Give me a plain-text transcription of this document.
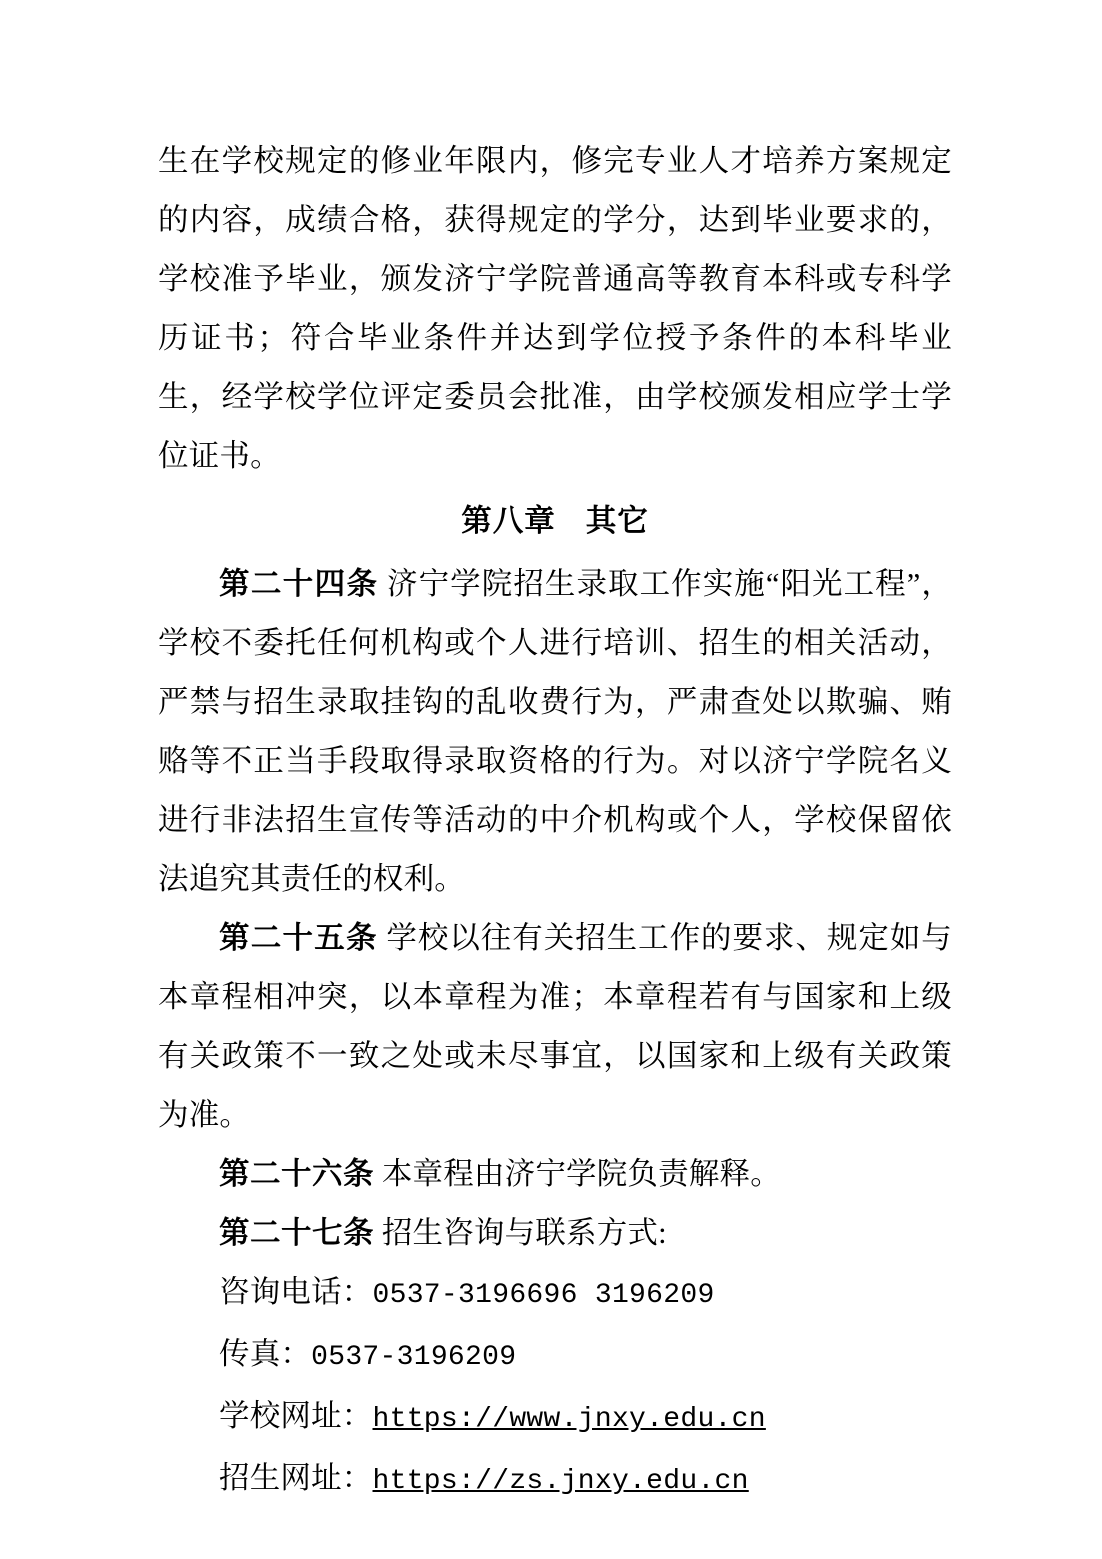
生在学校规定的修业年限内，修完专业人才培养方案规定的内容，成绩合格，获得规定的学分，达到毕业要求的，学校准予毕业，颁发济宁学院普通高等教育本科或专科学历证书；符合毕业条件并达到学位授予条件的本科毕业生，经学校学位评定委员会批准，由学校颁发相应学士学位证书。

第八章 其它

第二十四条 济宁学院招生录取工作实施“阳光工程”，学校不委托任何机构或个人进行培训、招生的相关活动，严禁与招生录取挂钩的乱收费行为，严肃查处以欺骗、贿赂等不正当手段取得录取资格的行为。对以济宁学院名义进行非法招生宣传等活动的中介机构或个人，学校保留依法追究其责任的权利。

第二十五条 学校以往有关招生工作的要求、规定如与本章程相冲突，以本章程为准；本章程若有与国家和上级有关政策不一致之处或未尽事宜，以国家和上级有关政策为准。

第二十六条 本章程由济宁学院负责解释。

第二十七条 招生咨询与联系方式:

咨询电话：0537-3196696 3196209

传真：0537-3196209

学校网址：https://www.jnxy.edu.cn

招生网址：https://zs.jnxy.edu.cn
